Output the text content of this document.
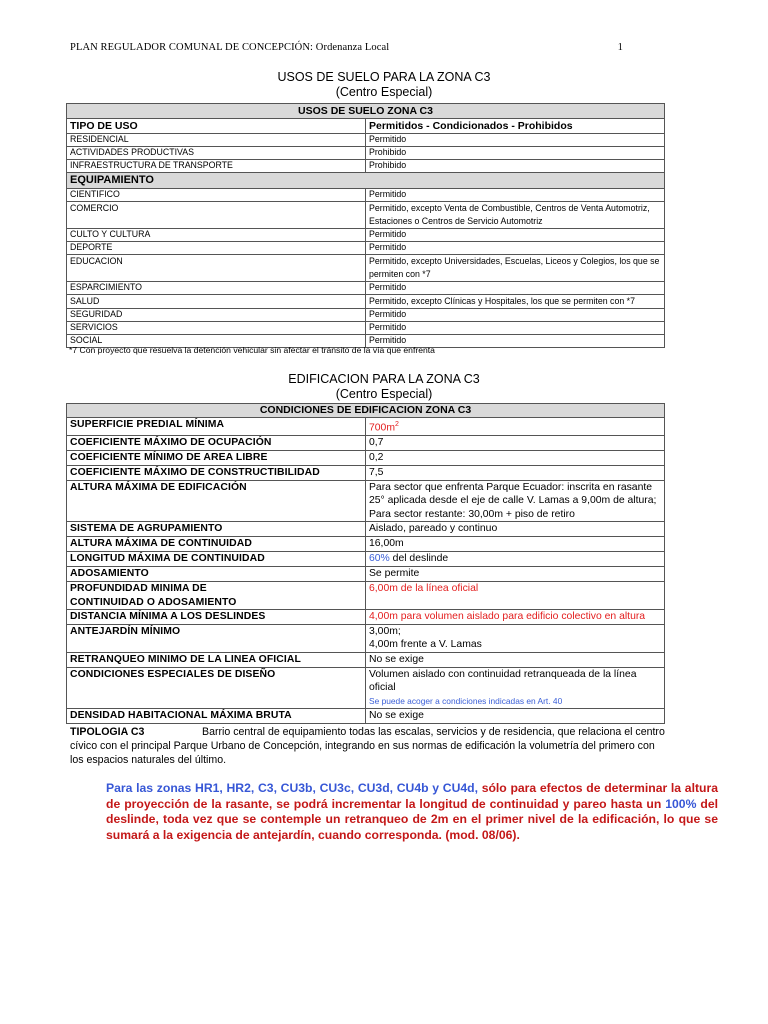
PLAN REGULADOR COMUNAL DE CONCEPCIÓN: Ordenanza Local	1
USOS DE SUELO PARA LA ZONA C3
(Centro Especial)
USOS DE SUELO ZONA C3	
TIPO DE USO	Permitidos - Condicionados - Prohibidos
RESIDENCIAL	Permitido
ACTIVIDADES PRODUCTIVAS	Prohibido
INFRAESTRUCTURA DE TRANSPORTE	Prohibido
EQUIPAMIENTO	
CIENTIFICO	Permitido
COMERCIO	Permitido, excepto Venta de Combustible, Centros de Venta Automotriz, Estaciones o Centros de Servicio Automotriz
CULTO Y CULTURA	Permitido
DEPORTE	Permitido
EDUCACION	Permitido, excepto Universidades, Escuelas, Liceos y Colegios, los que se permiten con *7
ESPARCIMIENTO	Permitido
SALUD	Permitido, excepto Clínicas y Hospitales, los que se permiten con *7
SEGURIDAD	Permitido
SERVICIOS	Permitido
SOCIAL	Permitido
*7 Con proyecto que resuelva la detención vehicular sin afectar el tránsito de la vía que enfrenta
EDIFICACION PARA LA ZONA C3
(Centro Especial)
CONDICIONES DE EDIFICACION ZONA C3	
SUPERFICIE PREDIAL MÍNIMA	$700m^2$
COEFICIENTE MÁXIMO DE OCUPACIÓN	0,7
COEFICIENTE MÍNIMO DE AREA LIBRE	0,2
COEFICIENTE MÁXIMO DE CONSTRUCTIBILIDAD	7,5
ALTURA MÁXIMA DE EDIFICACIÓN	Para sector que enfrenta Parque Ecuador: inscrita en rasante 25° aplicada desde el eje de calle V. Lamas a 9,00m de altura;
Para sector restante: 30,00m + piso de retiro

SISTEMA DE AGRUPAMIENTO	Aislado, pareado y continuo
ALTURA MÁXIMA DE CONTINUIDAD	16,00m
LONGITUD MÁXIMA DE CONTINUIDAD	60% del deslinde
ADOSAMIENTO	Se permite

PROFUNDIDAD MINIMA DE
CONTINUIDAD O ADOSAMIENTO	6,00m de la línea oficial
DISTANCIA MÍNIMA A LOS DESLINDES	4,00m para volumen aislado para edificio colectivo en altura
ANTEJARDÍN MÍNIMO	3,00m;
4,00m frente a V. Lamas

RETRANQUEO MINIMO DE LA LINEA OFICIAL	No se exige
CONDICIONES ESPECIALES DE DISEÑO	Volumen aislado con continuidad retranqueada de la línea oficial
Se puede acoger a condiciones indicadas en Art. 40

DENSIDAD HABITACIONAL MÁXIMA BRUTA	No se exige
TIPOLOGIA C3	Barrio central de equipamiento todas las escalas, servicios y de residencia, que relaciona el centro cívico con el principal Parque Urbano de Concepción, integrando en sus normas de edificación la volumetría del primero con los espacios naturales del último.
Para las zonas HR1, HR2, C3, CU3b, CU3c, CU3d, CU4b y CU4d, sólo para efectos de determinar la altura de proyección de la rasante, se podrá incrementar la longitud de continuidad y pareo hasta un 100% del deslinde, toda vez que se contemple un retranqueo de 2m en el primer nivel de la edificación, lo que se sumará a la exigencia de antejardín, cuando corresponda. (mod. 08/06).
